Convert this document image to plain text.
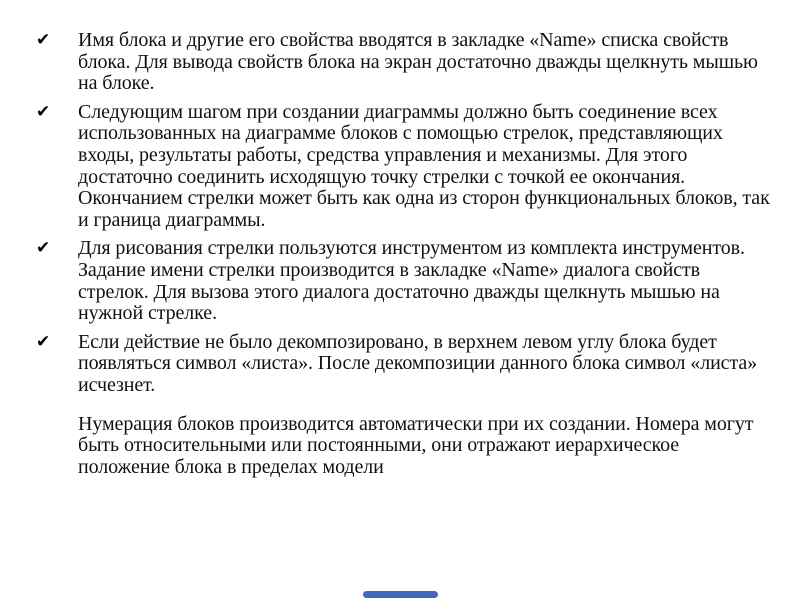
✔	Имя блока и другие его свойства вводятся в закладке «Name» списка свойств блока. Для вывода свойств блока на экран достаточно дважды щелкнуть мышью на блоке.
✔	Следующим шагом при создании диаграммы должно быть соединение всех использованных на диаграмме блоков с помощью стрелок, представляющих входы, результаты работы, средства управления и механизмы. Для этого достаточно соединить исходящую точку стрелки с точкой ее окончания. Окончанием стрелки может быть как одна из сторон функциональных блоков, так и граница диаграммы.
✔	Для рисования стрелки пользуются инструментом из комплекта инструментов. Задание имени стрелки производится в закладке «Name» диалога свойств стрелок. Для вызова этого диалога достаточно дважды щелкнуть мышью на нужной стрелке.
✔	Если действие не было декомпозировано, в верхнем левом углу блока будет появляться символ «листа». После декомпозиции данного блока символ «листа» исчезнет.

Нумерация блоков производится автоматически при их создании. Номера могут быть относительными или постоянными, они отражают иерархическое положение блока в пределах модели
